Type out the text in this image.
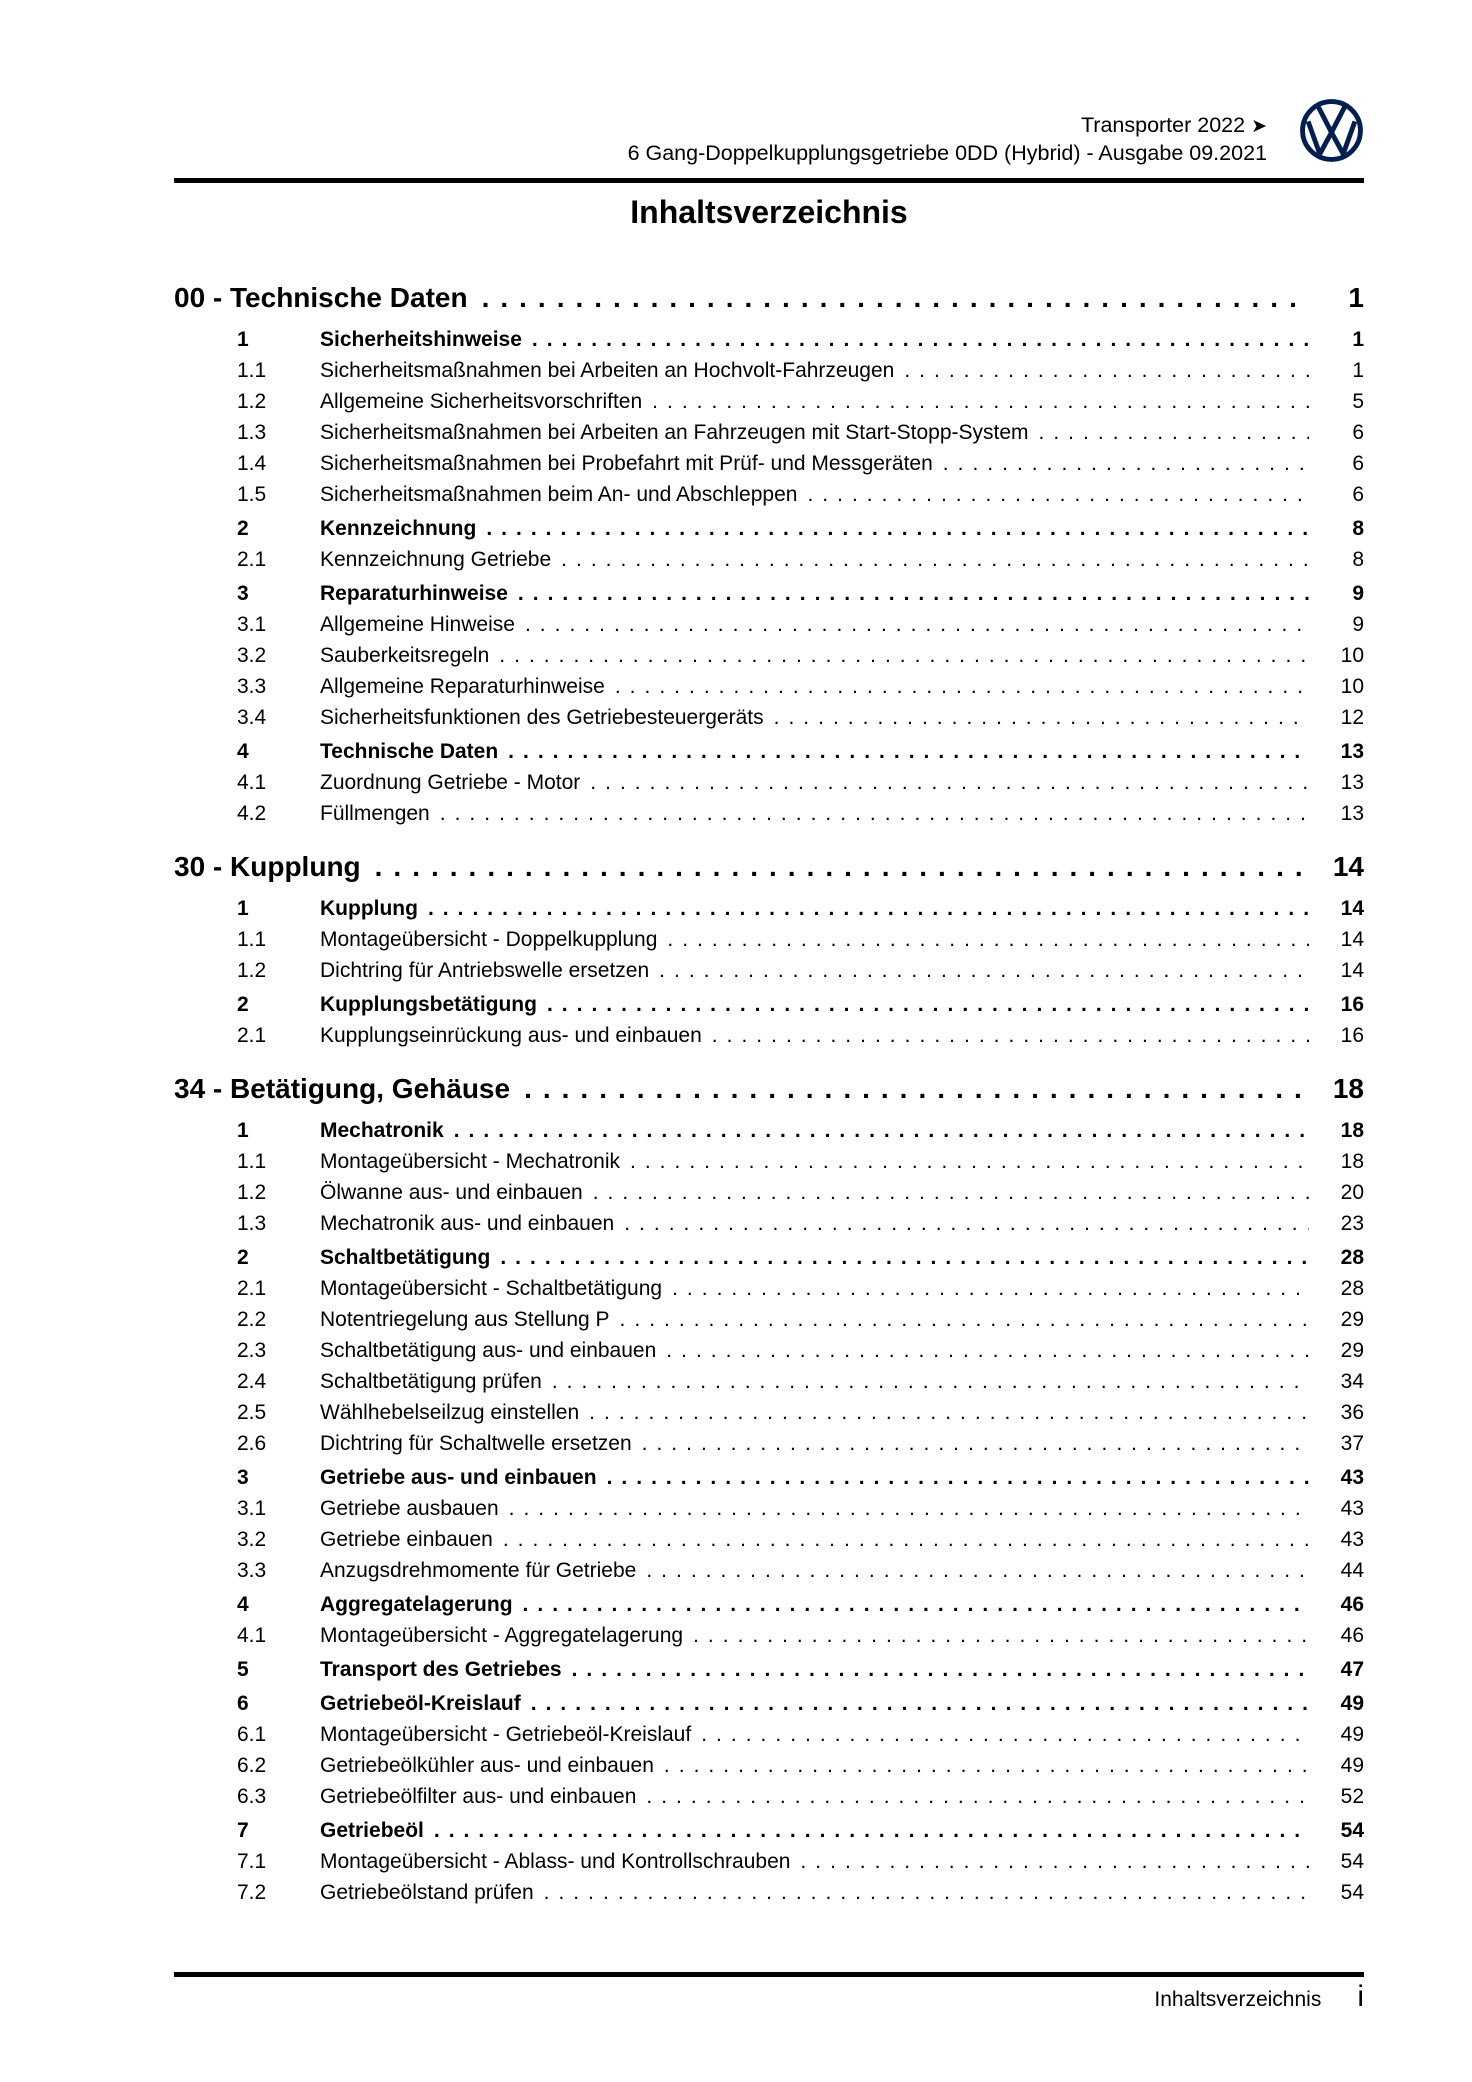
Transporter 2022 ➤
6 Gang-Doppelkupplungsgetriebe 0DD (Hybrid) - Ausgabe 09.2021
Inhaltsverzeichnis
00 - Technische Daten .....	1
1	Sicherheitshinweise .....	1
1.1	Sicherheitsmaßnahmen bei Arbeiten an Hochvolt-Fahrzeugen .....	1
1.2	Allgemeine Sicherheitsvorschriften .....	5
1.3	Sicherheitsmaßnahmen bei Arbeiten an Fahrzeugen mit Start-Stopp-System .....	6
1.4	Sicherheitsmaßnahmen bei Probefahrt mit Prüf- und Messgeräten .....	6
1.5	Sicherheitsmaßnahmen beim An- und Abschleppen .....	6
2	Kennzeichnung .....	8
2.1	Kennzeichnung Getriebe .....	8
3	Reparaturhinweise .....	9
3.1	Allgemeine Hinweise .....	9
3.2	Sauberkeitsregeln .....	10
3.3	Allgemeine Reparaturhinweise .....	10
3.4	Sicherheitsfunktionen des Getriebesteuergeräts .....	12
4	Technische Daten .....	13
4.1	Zuordnung Getriebe - Motor .....	13
4.2	Füllmengen .....	13
30 - Kupplung .....	14
1	Kupplung .....	14
1.1	Montageübersicht - Doppelkupplung .....	14
1.2	Dichtring für Antriebswelle ersetzen .....	14
2	Kupplungsbetätigung .....	16
2.1	Kupplungseinrückung aus- und einbauen .....	16
34 - Betätigung, Gehäuse .....	18
1	Mechatronik .....	18
1.1	Montageübersicht - Mechatronik .....	18
1.2	Ölwanne aus- und einbauen .....	20
1.3	Mechatronik aus- und einbauen .....	23
2	Schaltbetätigung .....	28
2.1	Montageübersicht - Schaltbetätigung .....	28
2.2	Notentriegelung aus Stellung P .....	29
2.3	Schaltbetätigung aus- und einbauen .....	29
2.4	Schaltbetätigung prüfen .....	34
2.5	Wählhebelseilzug einstellen .....	36
2.6	Dichtring für Schaltwelle ersetzen .....	37
3	Getriebe aus- und einbauen .....	43
3.1	Getriebe ausbauen .....	43
3.2	Getriebe einbauen .....	43
3.3	Anzugsdrehmomente für Getriebe .....	44
4	Aggregatelagerung .....	46
4.1	Montageübersicht - Aggregatelagerung .....	46
5	Transport des Getriebes .....	47
6	Getriebeöl-Kreislauf .....	49
6.1	Montageübersicht - Getriebeöl-Kreislauf .....	49
6.2	Getriebeölkühler aus- und einbauen .....	49
6.3	Getriebeölfilter aus- und einbauen .....	52
7	Getriebeöl .....	54
7.1	Montageübersicht - Ablass- und Kontrollschrauben .....	54
7.2	Getriebeölstand prüfen .....	54
Inhaltsverzeichnis i
